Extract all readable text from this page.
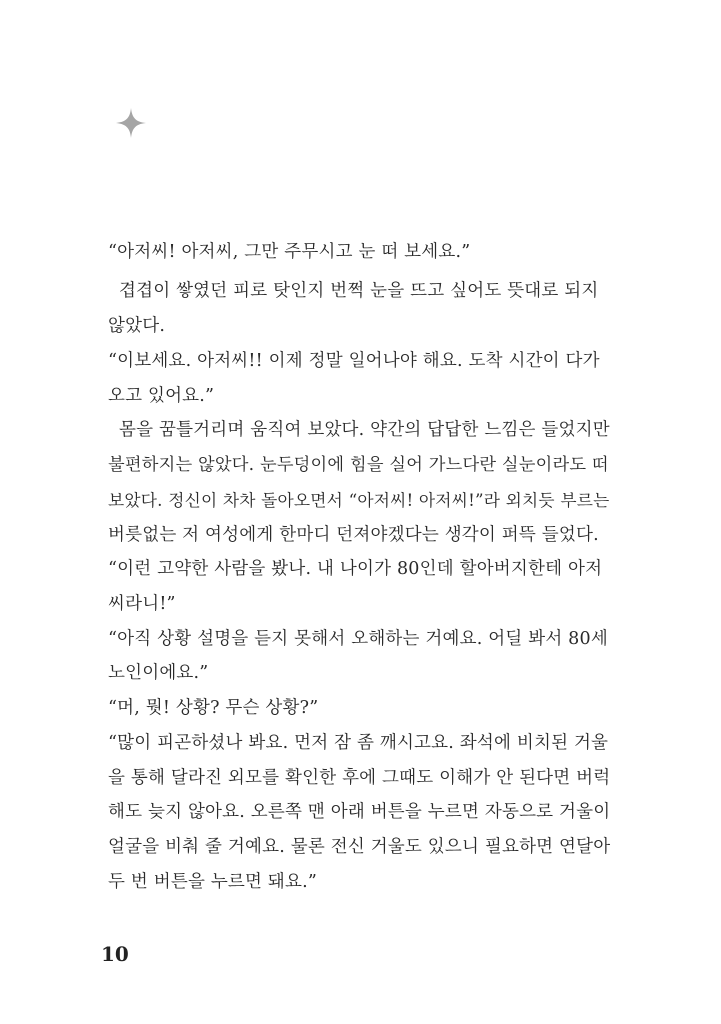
“아저씨! 아저씨, 그만 주무시고 눈 떠 보세요.”
겹겹이 쌓였던 피로 탓인지 번쩍 눈을 뜨고 싶어도 뜻대로 되지
않았다.
“이보세요. 아저씨!! 이제 정말 일어나야 해요. 도착 시간이 다가
오고 있어요.”
몸을 꿈틀거리며 움직여 보았다. 약간의 답답한 느낌은 들었지만
불편하지는 않았다. 눈두덩이에 힘을 실어 가느다란 실눈이라도 떠
보았다. 정신이 차차 돌아오면서 “아저씨! 아저씨!”라 외치듯 부르는
버릇없는 저 여성에게 한마디 던져야겠다는 생각이 퍼뜩 들었다.
“이런 고약한 사람을 봤나. 내 나이가 80인데 할아버지한테 아저
씨라니!”
“아직 상황 설명을 듣지 못해서 오해하는 거예요. 어딜 봐서 80세
노인이에요.”
“머, 뭣! 상황? 무슨 상황?”
“많이 피곤하셨나 봐요. 먼저 잠 좀 깨시고요. 좌석에 비치된 거울
을 통해 달라진 외모를 확인한 후에 그때도 이해가 안 된다면 버럭
해도 늦지 않아요. 오른쪽 맨 아래 버튼을 누르면 자동으로 거울이
얼굴을 비춰 줄 거예요. 물론 전신 거울도 있으니 필요하면 연달아
두 번 버튼을 누르면 돼요.”
10
